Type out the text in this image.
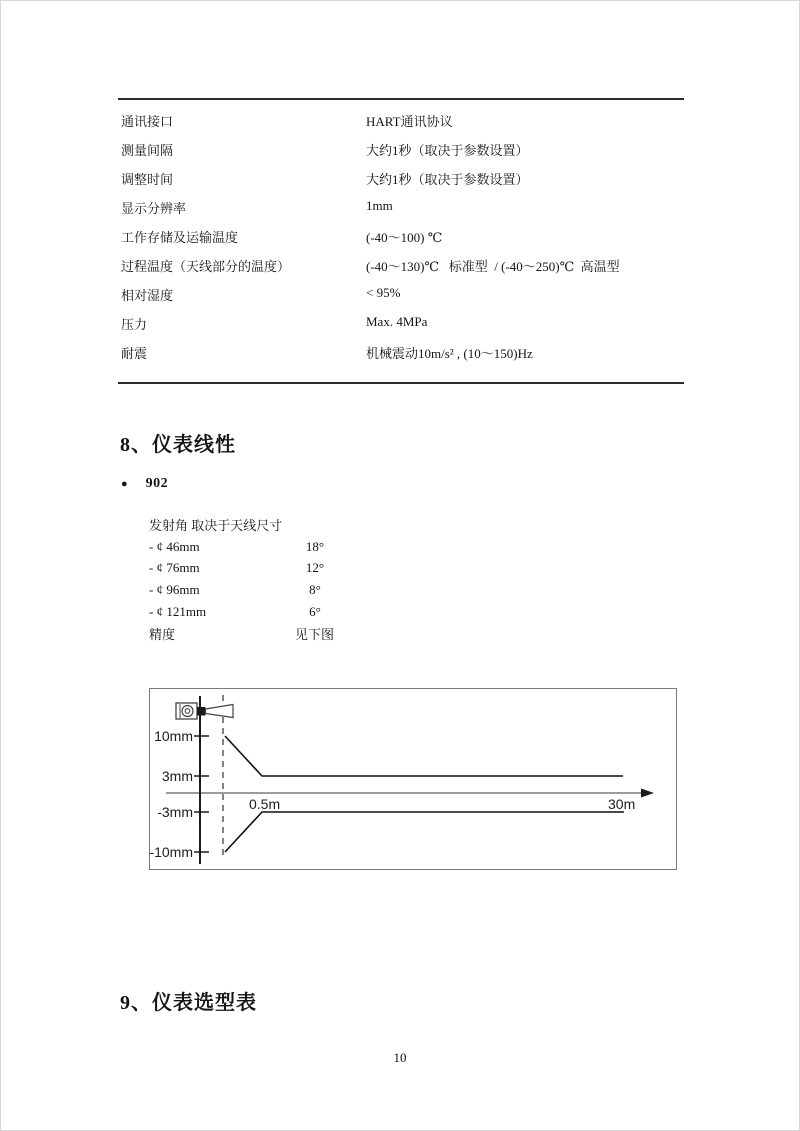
通讯接口	HART通讯协议
测量间隔	大约1秒（取决于参数设置）
调整时间	大约1秒（取决于参数设置）
显示分辨率	1mm
工作存储及运输温度	(-40～100) ℃
过程温度（天线部分的温度）	(-40～130)℃   标准型  / (-40～250)℃  高温型
相对湿度	< 95%
压力	Max. 4MPa
耐震	机械震动10m/s² , (10～150)Hz
8、仪表线性
● 902
发射角 取决于天线尺寸
- ¢ 46mm	18°
- ¢ 76mm	12°
- ¢ 96mm	8°
- ¢ 121mm	6°
精度	见下图
10mm
3mm
-3mm
-10mm
0.5m	30m
9、仪表选型表
10
